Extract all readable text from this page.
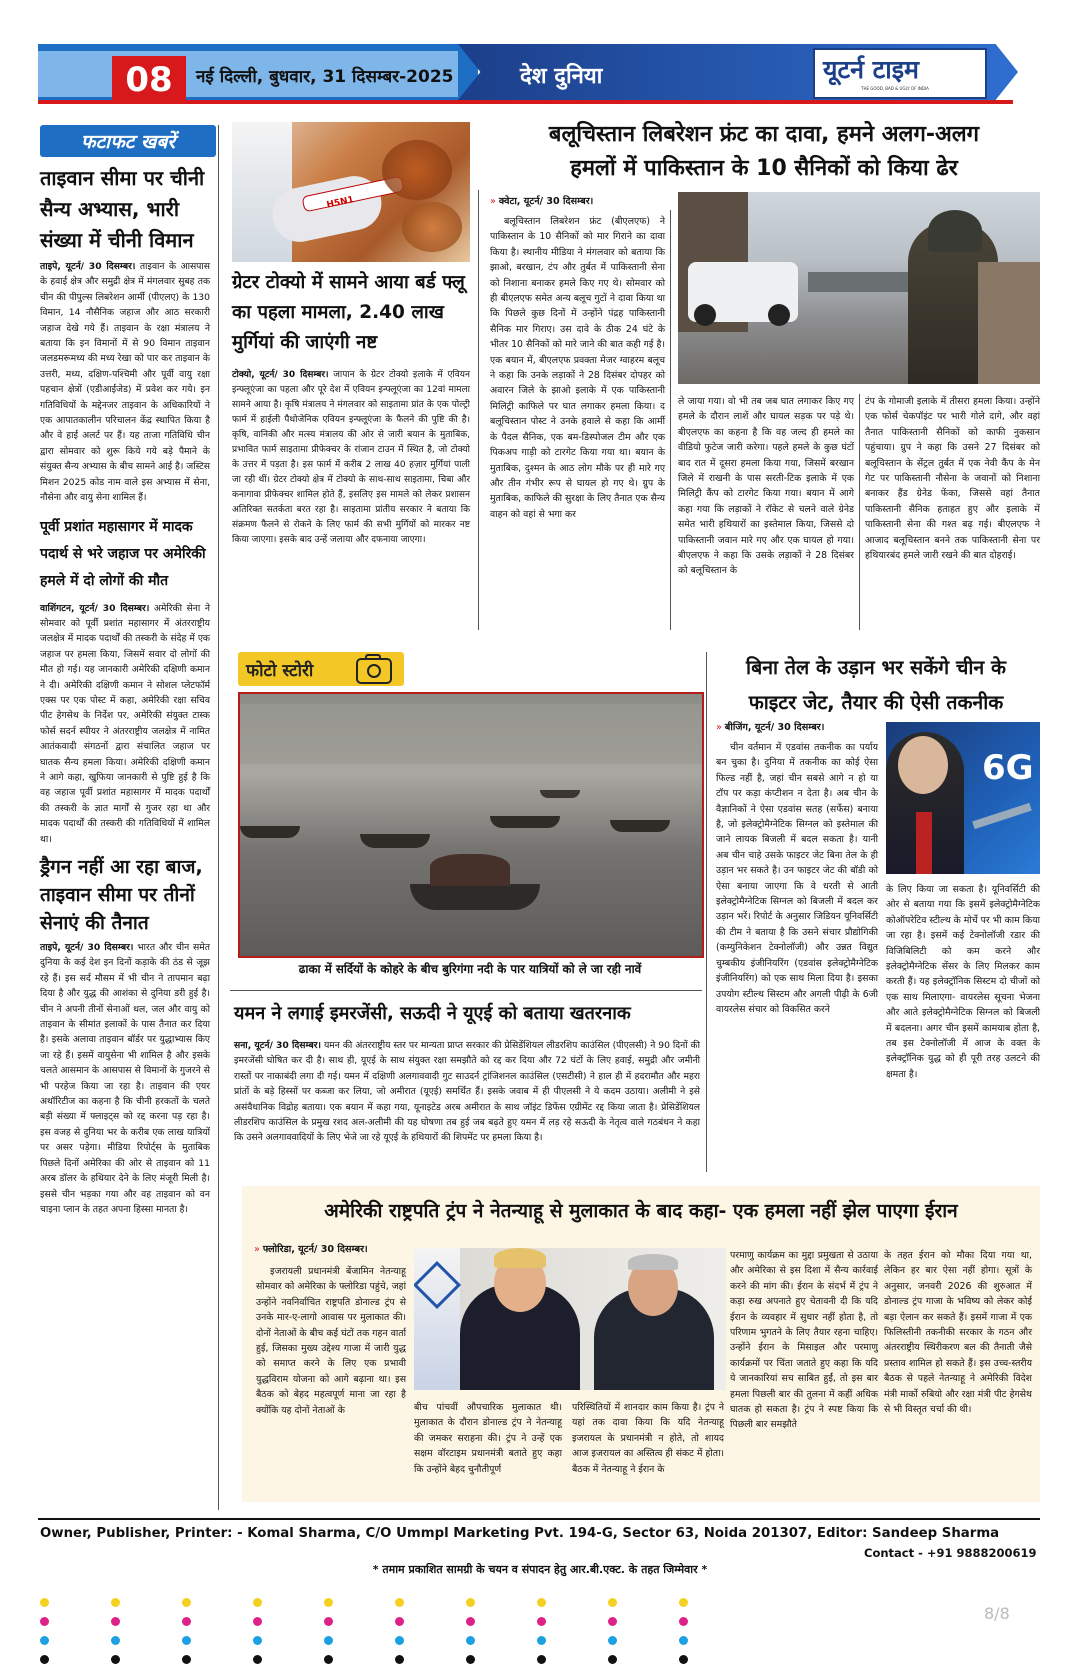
08 नई दिल्ली, बुधवार, 31 दिसम्बर-2025	देश दुनिया	यूटर्न टाइम
THE GOOD, BAD & UGLY OF INDIA
फटाफट खबरें
ताइवान सीमा पर चीनी सैन्य अभ्यास, भारी संख्या में चीनी विमान
ताइपे, यूटर्न/ 30 दिसम्बर। ताइवान के आसपास के हवाई क्षेत्र और समुद्री क्षेत्र में मंगलवार सुबह तक चीन की पीपुल्स लिबरेशन आर्मी (पीएलए) के 130 विमान, 14 नौसैनिक जहाज और आठ सरकारी जहाज देखे गये हैं। ताइवान के रक्षा मंत्रालय ने बताया कि इन विमानों में से 90 विमान ताइवान जलडमरूमध्य की मध्य रेखा को पार कर ताइवान के उत्तरी, मध्य, दक्षिण-पश्चिमी और पूर्वी वायु रक्षा पहचान क्षेत्रों (एडीआईजेड) में प्रवेश कर गये। इन गतिविधियों के मद्देनजर ताइवान के अधिकारियों ने एक आपातकालीन परिचालन केंद्र स्थापित किया है और वे हाई अलर्ट पर हैं। यह ताजा गतिविधि चीन द्वारा सोमवार को शुरू किये गये बड़े पैमाने के संयुक्त सैन्य अभ्यास के बीच सामने आई है। जस्टिस मिशन 2025 कोड नाम वाले इस अभ्यास में सेना, नौसेना और वायु सेना शामिल हैं।
पूर्वी प्रशांत महासागर में मादक पदार्थ से भरे जहाज पर अमेरिकी हमले में दो लोगों की मौत
वाशिंगटन, यूटर्न/ 30 दिसम्बर। अमेरिकी सेना ने सोमवार को पूर्वी प्रशांत महासागर में अंतरराष्ट्रीय जलक्षेत्र में मादक पदार्थों की तस्करी के संदेह में एक जहाज पर हमला किया, जिसमें सवार दो लोगों की मौत हो गई। यह जानकारी अमेरिकी दक्षिणी कमान ने दी। अमेरिकी दक्षिणी कमान ने सोशल प्लेटफॉर्म एक्स पर एक पोस्ट में कहा, अमेरिकी रक्षा सचिव पीट हेगसेथ के निर्देश पर, अमेरिकी संयुक्त टास्क फोर्स सदर्न स्पीयर ने अंतरराष्ट्रीय जलक्षेत्र में नामित आतंकवादी संगठनों द्वारा संचालित जहाज पर घातक सैन्य हमला किया। अमेरिकी दक्षिणी कमान ने आगे कहा, खुफिया जानकारी से पुष्टि हुई है कि वह जहाज पूर्वी प्रशांत महासागर में मादक पदार्थों की तस्करी के ज्ञात मार्गों से गुजर रहा था और मादक पदार्थों की तस्करी की गतिविधियों में शामिल था।
ड्रैगन नहीं आ रहा बाज, ताइवान सीमा पर तीनों सेनाएं की तैनात
ताइपे, यूटर्न/ 30 दिसम्बर। भारत और चीन समेत दुनिया के कई देश इन दिनों कड़ाके की ठंड से जूझ रहे हैं। इस सर्द मौसम में भी चीन ने तापमान बढ़ा दिया है और युद्ध की आशंका से दुनिया डरी हुई है। चीन ने अपनी तीनों सेनाओं थल, जल और वायु को ताइवान के सीमांत इलाकों के पास तैनात कर दिया है। इसके अलावा ताइवान बॉर्डर पर युद्धाभ्यास किए जा रहे हैं। इसमें वायुसेना भी शामिल है और इसके चलते आसमान के आसपास से विमानों के गुजरने से भी परहेज किया जा रहा है। ताइवान की एयर अथॉरिटीज का कहना है कि चीनी हरकतों के चलते बड़ी संख्या में फ्लाइट्स को रद्द करना पड़ रहा है। इस वजह से दुनिया भर के करीब एक लाख यात्रियों पर असर पड़ेगा। मीडिया रिपोर्ट्स के मुताबिक पिछले दिनों अमेरिका की ओर से ताइवान को 11 अरब डॉलर के हथियार देने के लिए मंजूरी मिली है। इससे चीन भड़का गया और वह ताइवान को वन चाइना प्लान के तहत अपना हिस्सा मानता है।
H5N1
ग्रेटर टोक्यो में सामने आया बर्ड फ्लू का पहला मामला, 2.40 लाख मुर्गियां की जाएंगी नष्ट
टोक्यो, यूटर्न/ 30 दिसम्बर। जापान के ग्रेटर टोक्यो इलाके में एवियन इन्फ्लूएंजा का पहला और पूरे देश में एवियन इन्फ्लूएंजा का 12वां मामला सामने आया है। कृषि मंत्रालय ने मंगलवार को साइतामा प्रांत के एक पोल्ट्री फार्म में हाईली पैथोजेनिक एवियन इन्फ्लूएंजा के फैलने की पुष्टि की है। कृषि, वानिकी और मत्स्य मंत्रालय की ओर से जारी बयान के मुताबिक, प्रभावित फार्म साइतामा प्रीफेक्चर के रांजान टाउन में स्थित है, जो टोक्यो के उत्तर में पड़ता है। इस फार्म में करीब 2 लाख 40 हज़ार मुर्गियां पाली जा रही थीं। ग्रेटर टोक्यो क्षेत्र में टोक्यो के साथ-साथ साइतामा, चिबा और कनागावा प्रीफेक्चर शामिल होते हैं, इसलिए इस मामले को लेकर प्रशासन अतिरिक्त सतर्कता बरत रहा है। साइतामा प्रांतीय सरकार ने बताया कि संक्रमण फैलने से रोकने के लिए फार्म की सभी मुर्गियों को मारकर नष्ट किया जाएगा। इसके बाद उन्हें जलाया और दफनाया जाएगा।
बलूचिस्तान लिबरेशन फ्रंट का दावा, हमने अलग-अलग
हमलों में पाकिस्तान के 10 सैनिकों को किया ढेर
» क्वेटा, यूटर्न/ 30 दिसम्बर।

बलूचिस्तान लिबरेशन फ्रंट (बीएलएफ) ने पाकिस्तान के 10 सैनिकों को मार गिराने का दावा किया है। स्थानीय मीडिया ने मंगलवार को बताया कि झाओ, बरखान, टंप और तुर्बत में पाकिस्तानी सेना को निशाना बनाकर हमले किए गए थे। सोमवार को ही बीएलएफ समेत अन्य बलूच गुटों ने दावा किया था कि पिछले कुछ दिनों में उन्होंने पंद्रह पाकिस्तानी सैनिक मार गिराए। उस दावे के ठीक 24 घंटे के भीतर 10 सैनिकों को मारे जाने की बात कही गई है। एक बयान में, बीएलएफ प्रवक्ता मेजर ग्वाहरम बलूच ने कहा कि उनके लड़ाकों ने 28 दिसंबर दोपहर को अवारन जिले के झाओ इलाके में एक पाकिस्तानी मिलिट्री काफिले पर घात लगाकर हमला किया। द बलूचिस्तान पोस्ट ने उनके हवाले से कहा कि आर्मी के पैदल सैनिक, एक बम-डिस्पोजल टीम और एक पिकअप गाड़ी को टारगेट किया गया था। बयान के मुताबिक, दुश्मन के आठ लोग मौके पर ही मारे गए और तीन गंभीर रूप से घायल हो गए थे। ग्रुप के मुताबिक, काफिले की सुरक्षा के लिए तैनात एक सैन्य वाहन को वहां से भगा कर

ले जाया गया। वो भी तब जब घात लगाकर किए गए हमले के दौरान लाशें और घायल सड़क पर पड़े थे। बीएलएफ का कहना है कि वह जल्द ही हमले का वीडियो फुटेज जारी करेगा। पहले हमले के कुछ घंटों बाद रात में दूसरा हमला किया गया, जिसमें बरखान जिले में राखनी के पास सरती-टिक इलाके में एक मिलिट्री कैंप को टारगेट किया गया। बयान में आगे कहा गया कि लड़ाकों ने रॉकेट से चलने वाले ग्रेनेड समेत भारी हथियारों का इस्तेमाल किया, जिससे दो पाकिस्तानी जवान मारे गए और एक घायल हो गया। बीएलएफ ने कहा कि उसके लड़ाकों ने 28 दिसंबर को बलूचिस्तान के

टंप के गोमाजी इलाके में तीसरा हमला किया। उन्होंने एक फोर्स चेकपॉइंट पर भारी गोले दागे, और वहां तैनात पाकिस्तानी सैनिकों को काफी नुकसान पहुंचाया। ग्रुप ने कहा कि उसने 27 दिसंबर को बलूचिस्तान के सेंट्रल तुर्बत में एक नेवी कैंप के मेन गेट पर पाकिस्तानी नौसेना के जवानों को निशाना बनाकर हैंड ग्रेनेड फेंका, जिससे वहां तैनात पाकिस्तानी सैनिक हताहत हुए और इलाके में पाकिस्तानी सेना की गश्त बढ़ गई। बीएलएफ ने आजाद बलूचिस्तान बनने तक पाकिस्तानी सेना पर हथियारबंद हमले जारी रखने की बात दोहराई।

फोटो स्टोरी
ढाका में सर्दियों के कोहरे के बीच बुरिगंगा नदी के पार यात्रियों को ले जा रही नावें
बिना तेल के उड़ान भर सकेंगे चीन के
फाइटर जेट, तैयार की ऐसी तकनीक
» बीजिंग, यूटर्न/ 30 दिसम्बर।
6G

चीन वर्तमान में एडवांस तकनीक का पर्याय बन चुका है। दुनिया में तकनीक का कोई ऐसा फिल्ड नहीं है, जहां चीन सबसे आगे न हो या टॉप पर कड़ा कंप्टीशन न देता है। अब चीन के वैज्ञानिकों ने ऐसा एडवांस सतह (सर्फेस) बनाया है, जो इलेक्ट्रोमैग्नेटिक सिग्नल को इस्तेमाल की जाने लायक बिजली में बदल सकता है। यानी अब चीन चाहे उसके फाइटर जेट बिना तेल के ही उड़ान भर सकते है। उन फाइटर जेट की बॉडी को ऐसा बनाया जाएगा कि वे धरती से आती इलेक्ट्रोमैग्नेटिक सिग्नल को बिजली में बदल कर उड़ान भरें। रिपोर्ट के अनुसार जिडियन यूनिवर्सिटी की टीम ने बताया है कि उसने संचार प्रौद्योगिकी (कम्युनिकेशन टेक्नोलॉजी) और उन्नत विद्युत चुम्बकीय इंजीनियरिंग (एडवांस इलेक्ट्रोमैग्नेटिक इंजीनियरिंग) को एक साथ मिला दिया है। इसका उपयोग स्टील्थ सिस्टम और अगली पीढ़ी के 6जी वायरलेस संचार को विकसित करने

के लिए किया जा सकता है। यूनिवर्सिटी की ओर से बताया गया कि इसमें इलेक्ट्रोमैग्नेटिक कोऑपरेटिव स्टील्थ के मोर्चे पर भी काम किया जा रहा है। इसमें कई टेक्नोलॉजी रडार की विजिबिलिटी को कम करने और इलेक्ट्रोमैग्नेटिक सेंसर के लिए मिलकर काम करती हैं। यह इलेक्ट्रॉनिक सिस्टम दो चीजों को एक साथ मिलाएगा- वायरलेस सूचना भेजना और आते इलेक्ट्रोमैग्नेटिक सिग्नल को बिजली में बदलना। अगर चीन इसमें कामयाब होता है, तब इस टेक्नोलॉजी में आज के वक्त के इलेक्ट्रॉनिक युद्ध को ही पूरी तरह उलटने की क्षमता है।

यमन ने लगाई इमरजेंसी, सऊदी ने यूएई को बताया खतरनाक
सना, यूटर्न/ 30 दिसम्बर। यमन की अंतरराष्ट्रीय स्तर पर मान्यता प्राप्त सरकार की प्रेसिडेंशियल लीडरशिप काउंसिल (पीएलसी) ने 90 दिनों की इमरजेंसी घोषित कर दी है। साथ ही, यूएई के साथ संयुक्त रक्षा समझौते को रद्द कर दिया और 72 घंटों के लिए हवाई, समुद्री और जमीनी रास्तों पर नाकाबंदी लगा दी गई। यमन में दक्षिणी अलगाववादी गुट साउदर्न ट्रांजिशनल काउंसिल (एसटीसी) ने हाल ही में हदरामौत और महरा प्रांतों के बड़े हिस्सों पर कब्जा कर लिया, जो अमीरात (यूएई) समर्थित हैं। इसके जवाब में ही पीएलसी ने ये कदम उठाया। अलीमी ने इसे असंवैधानिक विद्रोह बताया। एक बयान में कहा गया, यूनाइटेड अरब अमीरात के साथ जॉइंट डिफेंस एग्रीमेंट रद्द किया जाता है। प्रेसिडेंशियल लीडरशिप काउंसिल के प्रमुख रशद अल-अलीमी की यह घोषणा तब हुई जब बढ़ते हुए यमन में लड़ रहे सऊदी के नेतृत्व वाले गठबंधन ने कहा कि उसने अलगाववादियों के लिए भेजे जा रहे यूएई के हथियारों की शिपमेंट पर हमला किया है।
अमेरिकी राष्ट्रपति ट्रंप ने नेतन्याहू से मुलाकात के बाद कहा- एक हमला नहीं झेल पाएगा ईरान
» फ्लोरिडा, यूटर्न/ 30 दिसम्बर।

इजरायली प्रधानमंत्री बेंजामिन नेतन्याहू सोमवार को अमेरिका के फ्लोरिडा पहुंचे, जहां उन्होंने नवनिर्वाचित राष्ट्रपति डोनाल्ड ट्रंप से उनके मार-ए-लागो आवास पर मुलाकात की। दोनों नेताओं के बीच कई घंटों तक गहन वार्ता हुई, जिसका मुख्य उद्देश्य गाजा में जारी युद्ध को समाप्त करने के लिए एक प्रभावी युद्धविराम योजना को आगे बढ़ाना था। इस बैठक को बेहद महत्वपूर्ण माना जा रहा है क्योंकि यह दोनों नेताओं के	बीच पांचवीं औपचारिक मुलाकात थी। मुलाकात के दौरान डोनाल्ड ट्रंप ने नेतन्याहू की जमकर सराहना की। ट्रंप ने उन्हें एक सक्षम वॉरटाइम प्रधानमंत्री बताते हुए कहा कि उन्होंने बेहद चुनौतीपूर्ण

परिस्थितियों में शानदार काम किया है। ट्रंप ने यहां तक दावा किया कि यदि नेतन्याहू इजरायल के प्रधानमंत्री न होते, तो शायद आज इजरायल का अस्तित्व ही संकट में होता। बैठक में नेतन्याहू ने ईरान के

परमाणु कार्यक्रम का मुद्दा प्रमुखता से उठाया और अमेरिका से इस दिशा में सैन्य कार्रवाई करने की मांग की। ईरान के संदर्भ में ट्रंप ने कड़ा रुख अपनाते हुए चेतावनी दी कि यदि ईरान के व्यवहार में सुधार नहीं होता है, तो परिणाम भुगतने के लिए तैयार रहना चाहिए। उन्होंने ईरान के मिसाइल और परमाणु कार्यक्रमों पर चिंता जताते हुए कहा कि यदि ये जानकारियां सच साबित हुईं, तो इस बार हमला पिछली बार की तुलना में कहीं अधिक घातक हो सकता है। ट्रंप ने स्पष्ट किया कि पिछली बार समझौते

के तहत ईरान को मौका दिया गया था, लेकिन हर बार ऐसा नहीं होगा। सूत्रों के अनुसार, जनवरी 2026 की शुरुआत में डोनाल्ड ट्रंप गाजा के भविष्य को लेकर कोई बड़ा ऐलान कर सकते हैं। इसमें गाजा में एक फिलिस्तीनी तकनीकी सरकार के गठन और अंतरराष्ट्रीय स्थिरीकरण बल की तैनाती जैसे प्रस्ताव शामिल हो सकते हैं। इस उच्च-स्तरीय बैठक से पहले नेतन्याहू ने अमेरिकी विदेश मंत्री मार्को रुबियो और रक्षा मंत्री पीट हेगसेथ से भी विस्तृत चर्चा की थी।

Owner, Publisher, Printer: - Komal Sharma, C/O Ummpl Marketing Pvt. 194-G, Sector 63, Noida 201307, Editor: Sandeep Sharma
Contact - +91 9888200619
* तमाम प्रकाशित सामग्री के चयन व संपादन हेतु आर.बी.एक्ट. के तहत जिम्मेवार *
8/8
